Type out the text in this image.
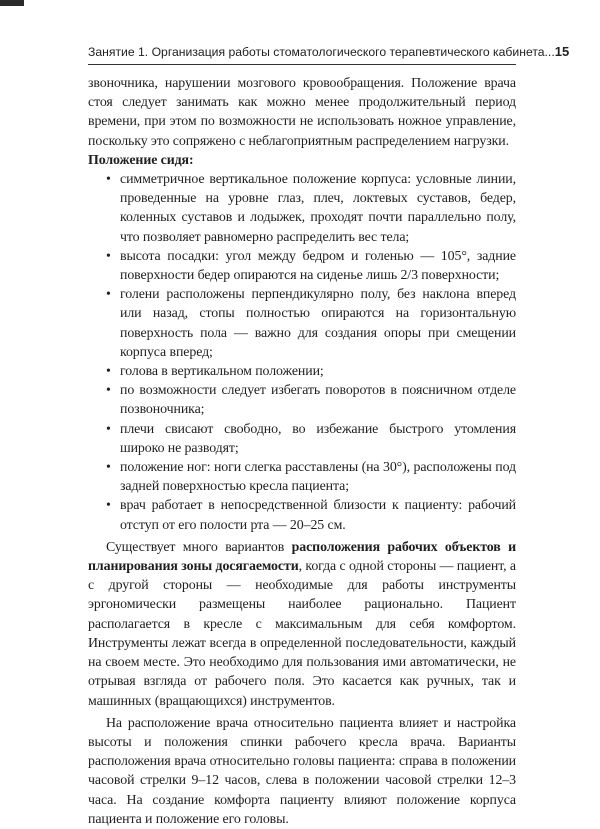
Занятие 1. Организация работы стоматологического терапевтического кабинета... 15

звоночника, нарушении мозгового кровообращения. Положение врача стоя следует занимать как можно менее продолжительный период времени, при этом по возможности не использовать ножное управление, поскольку это сопряжено с неблагоприятным распределением нагрузки.

Положение сидя:

• симметричное вертикальное положение корпуса: условные линии, проведенные на уровне глаз, плеч, локтевых суставов, бедер, коленных суставов и лодыжек, проходят почти параллельно полу, что позволяет равномерно распределить вес тела;
• высота посадки: угол между бедром и голенью — 105°, задние поверхности бедер опираются на сиденье лишь 2/3 поверхности;
• голени расположены перпендикулярно полу, без наклона вперед или назад, стопы полностью опираются на горизонтальную поверхность пола — важно для создания опоры при смещении корпуса вперед;
• голова в вертикальном положении;
• по возможности следует избегать поворотов в поясничном отделе позвоночника;
• плечи свисают свободно, во избежание быстрого утомления широко не разводят;
• положение ног: ноги слегка расставлены (на 30°), расположены под задней поверхностью кресла пациента;
• врач работает в непосредственной близости к пациенту: рабочий отступ от его полости рта — 20–25 см.

Существует много вариантов расположения рабочих объектов и планирования зоны досягаемости, когда с одной стороны — пациент, а с другой стороны — необходимые для работы инструменты эргономически размещены наиболее рационально. Пациент располагается в кресле с максимальным для себя комфортом. Инструменты лежат всегда в определенной последовательности, каждый на своем месте. Это необходимо для пользования ими автоматически, не отрывая взгляда от рабочего поля. Это касается как ручных, так и машинных (вращающихся) инструментов.

На расположение врача относительно пациента влияет и настройка высоты и положения спинки рабочего кресла врача. Варианты расположения врача относительно головы пациента: справа в положении часовой стрелки 9–12 часов, слева в положении часовой стрелки 12–3 часа. На создание комфорта пациенту влияют положение корпуса пациента и положение его головы.
